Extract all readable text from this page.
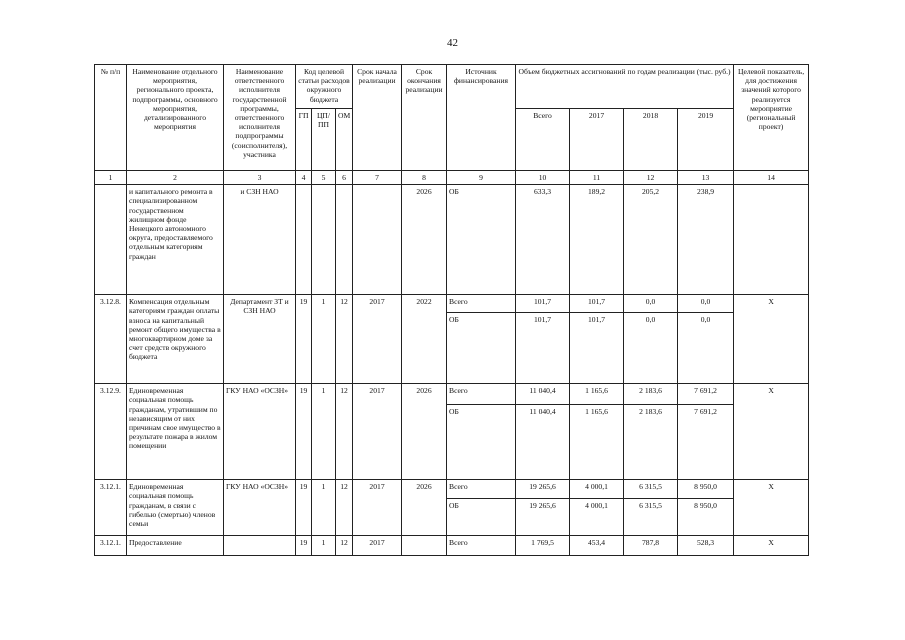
42
№ п/п	Наименование отдельного мероприятия, регионального проекта, подпрограммы, основного мероприятия, детализированного мероприятия	Наименование ответственного исполнителя государственной программы, ответственного исполнителя подпрограммы (соисполнителя), участника	Код целевой статьи расходов окружного бюджета			Срок начала реализации	Срок окончания реализации	Источник финансирования	Объем бюджетных ассигнований по годам реализации (тыс. руб.)				Целевой показатель, для достижения значений которого реализуется мероприятие (региональный проект)
			ГП	ЦП/ПП	ОМ				Всего	2017	2018	2019	
1	2	3	4	5	6	7	8	9	10	11	12	13	14
	и капитального ремонта в специализированном государственном жилищном фонде Ненецкого автономного округа, предоставляемого отдельным категориям граждан	и СЗН НАО					2026	ОБ	633,3	189,2	205,2	238,9	
3.12.8.	Компенсация отдельным категориям граждан оплаты взноса на капитальный ремонт общего имущества в многоквартирном доме за счет средств окружного бюджета	Департамент ЗТ и СЗН НАО	19	1	12	2017	2022	Всего	101,7	101,7	0,0	0,0	Х
								ОБ	101,7	101,7	0,0	0,0	
3.12.9.	Единовременная социальная помощь гражданам, утратившим по независящим от них причинам свое имущество в результате пожара в жилом помещении	ГКУ НАО «ОСЗН»	19	1	12	2017	2026	Всего	11 040,4	1 165,6	2 183,6	7 691,2	Х
								ОБ	11 040,4	1 165,6	2 183,6	7 691,2	
3.12.1.	Единовременная социальная помощь гражданам, в связи с гибелью (смертью) членов семьи	ГКУ НАО «ОСЗН»	19	1	12	2017	2026	Всего	19 265,6	4 000,1	6 315,5	8 950,0	Х
								ОБ	19 265,6	4 000,1	6 315,5	8 950,0	
3.12.1.	Предоставление		19	1	12	2017		Всего	1 769,5	453,4	787,8	528,3	Х
